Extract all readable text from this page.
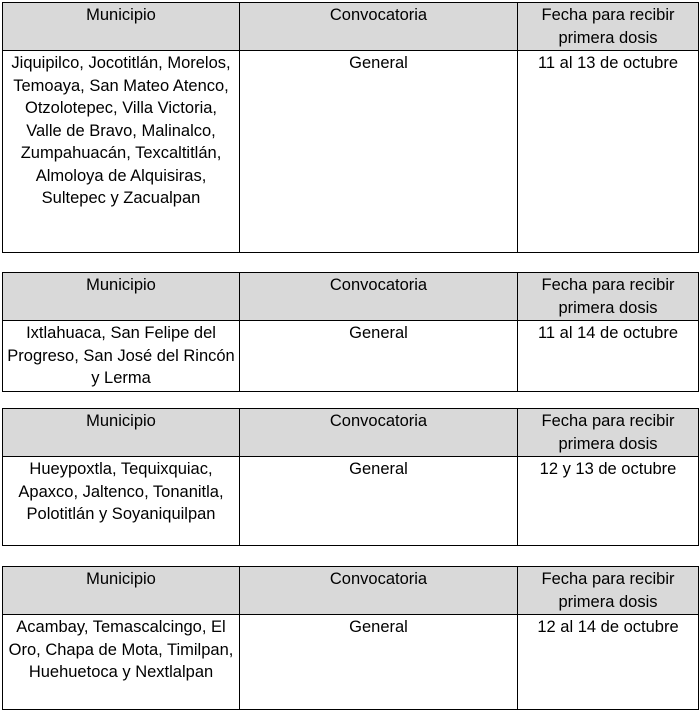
Municipio	Convocatoria	Fecha para recibir primera dosis
Jiquipilco, Jocotitlán, Morelos, Temoaya, San Mateo Atenco, Otzolotepec, Villa Victoria, Valle de Bravo, Malinalco, Zumpahuacán, Texcaltitlán, Almoloya de Alquisiras, Sultepec y Zacualpan	General	11 al 13 de octubre
Municipio	Convocatoria	Fecha para recibir primera dosis
Ixtlahuaca, San Felipe del Progreso, San José del Rincón y Lerma	General	11 al 14 de octubre
Municipio	Convocatoria	Fecha para recibir primera dosis
Hueypoxtla, Tequixquiac, Apaxco, Jaltenco, Tonanitla, Polotitlán y Soyaniquilpan	General	12 y 13 de octubre
Municipio	Convocatoria	Fecha para recibir primera dosis
Acambay, Temascalcingo, El Oro, Chapa de Mota, Timilpan, Huehuetoca y Nextlalpan	General	12 al 14 de octubre
